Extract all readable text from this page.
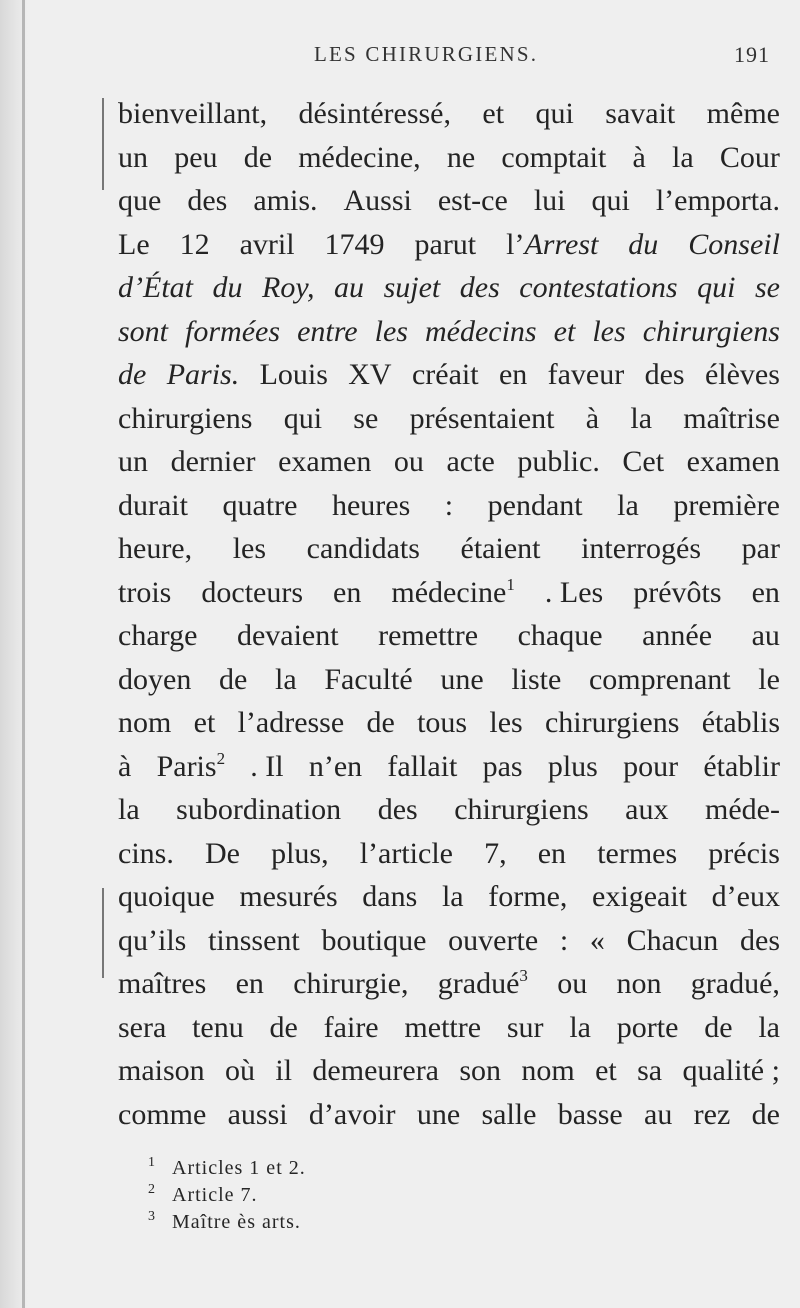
LES CHIRURGIENS.	191
bienveillant, désintéressé, et qui savait même
un peu de médecine, ne comptait à la Cour
que des amis. Aussi est-ce lui qui l’emporta.
Le 12 avril 1749 parut l’Arrest du Conseil
d’État du Roy, au sujet des contestations qui se
sont formées entre les médecins et les chirurgiens
de Paris. Louis XV créait en faveur des élèves
chirurgiens qui se présentaient à la maîtrise
un dernier examen ou acte public. Cet examen
durait quatre heures : pendant la première
heure, les candidats étaient interrogés par
trois docteurs en médecine$^1$ . Les prévôts en
charge devaient remettre chaque année au
doyen de la Faculté une liste comprenant le
nom et l’adresse de tous les chirurgiens établis
à Paris$^2$ . Il n’en fallait pas plus pour établir
la subordination des chirurgiens aux méde-
cins. De plus, l’article 7, en termes précis
quoique mesurés dans la forme, exigeait d’eux
qu’ils tinssent boutique ouverte : « Chacun des
maîtres en chirurgie, gradué$^3$ ou non gradué,
sera tenu de faire mettre sur la porte de la
maison où il demeurera son nom et sa qualité ;
comme aussi d’avoir une salle basse au rez de
1 Articles 1 et 2.
2 Article 7.
3 Maître ès arts.
